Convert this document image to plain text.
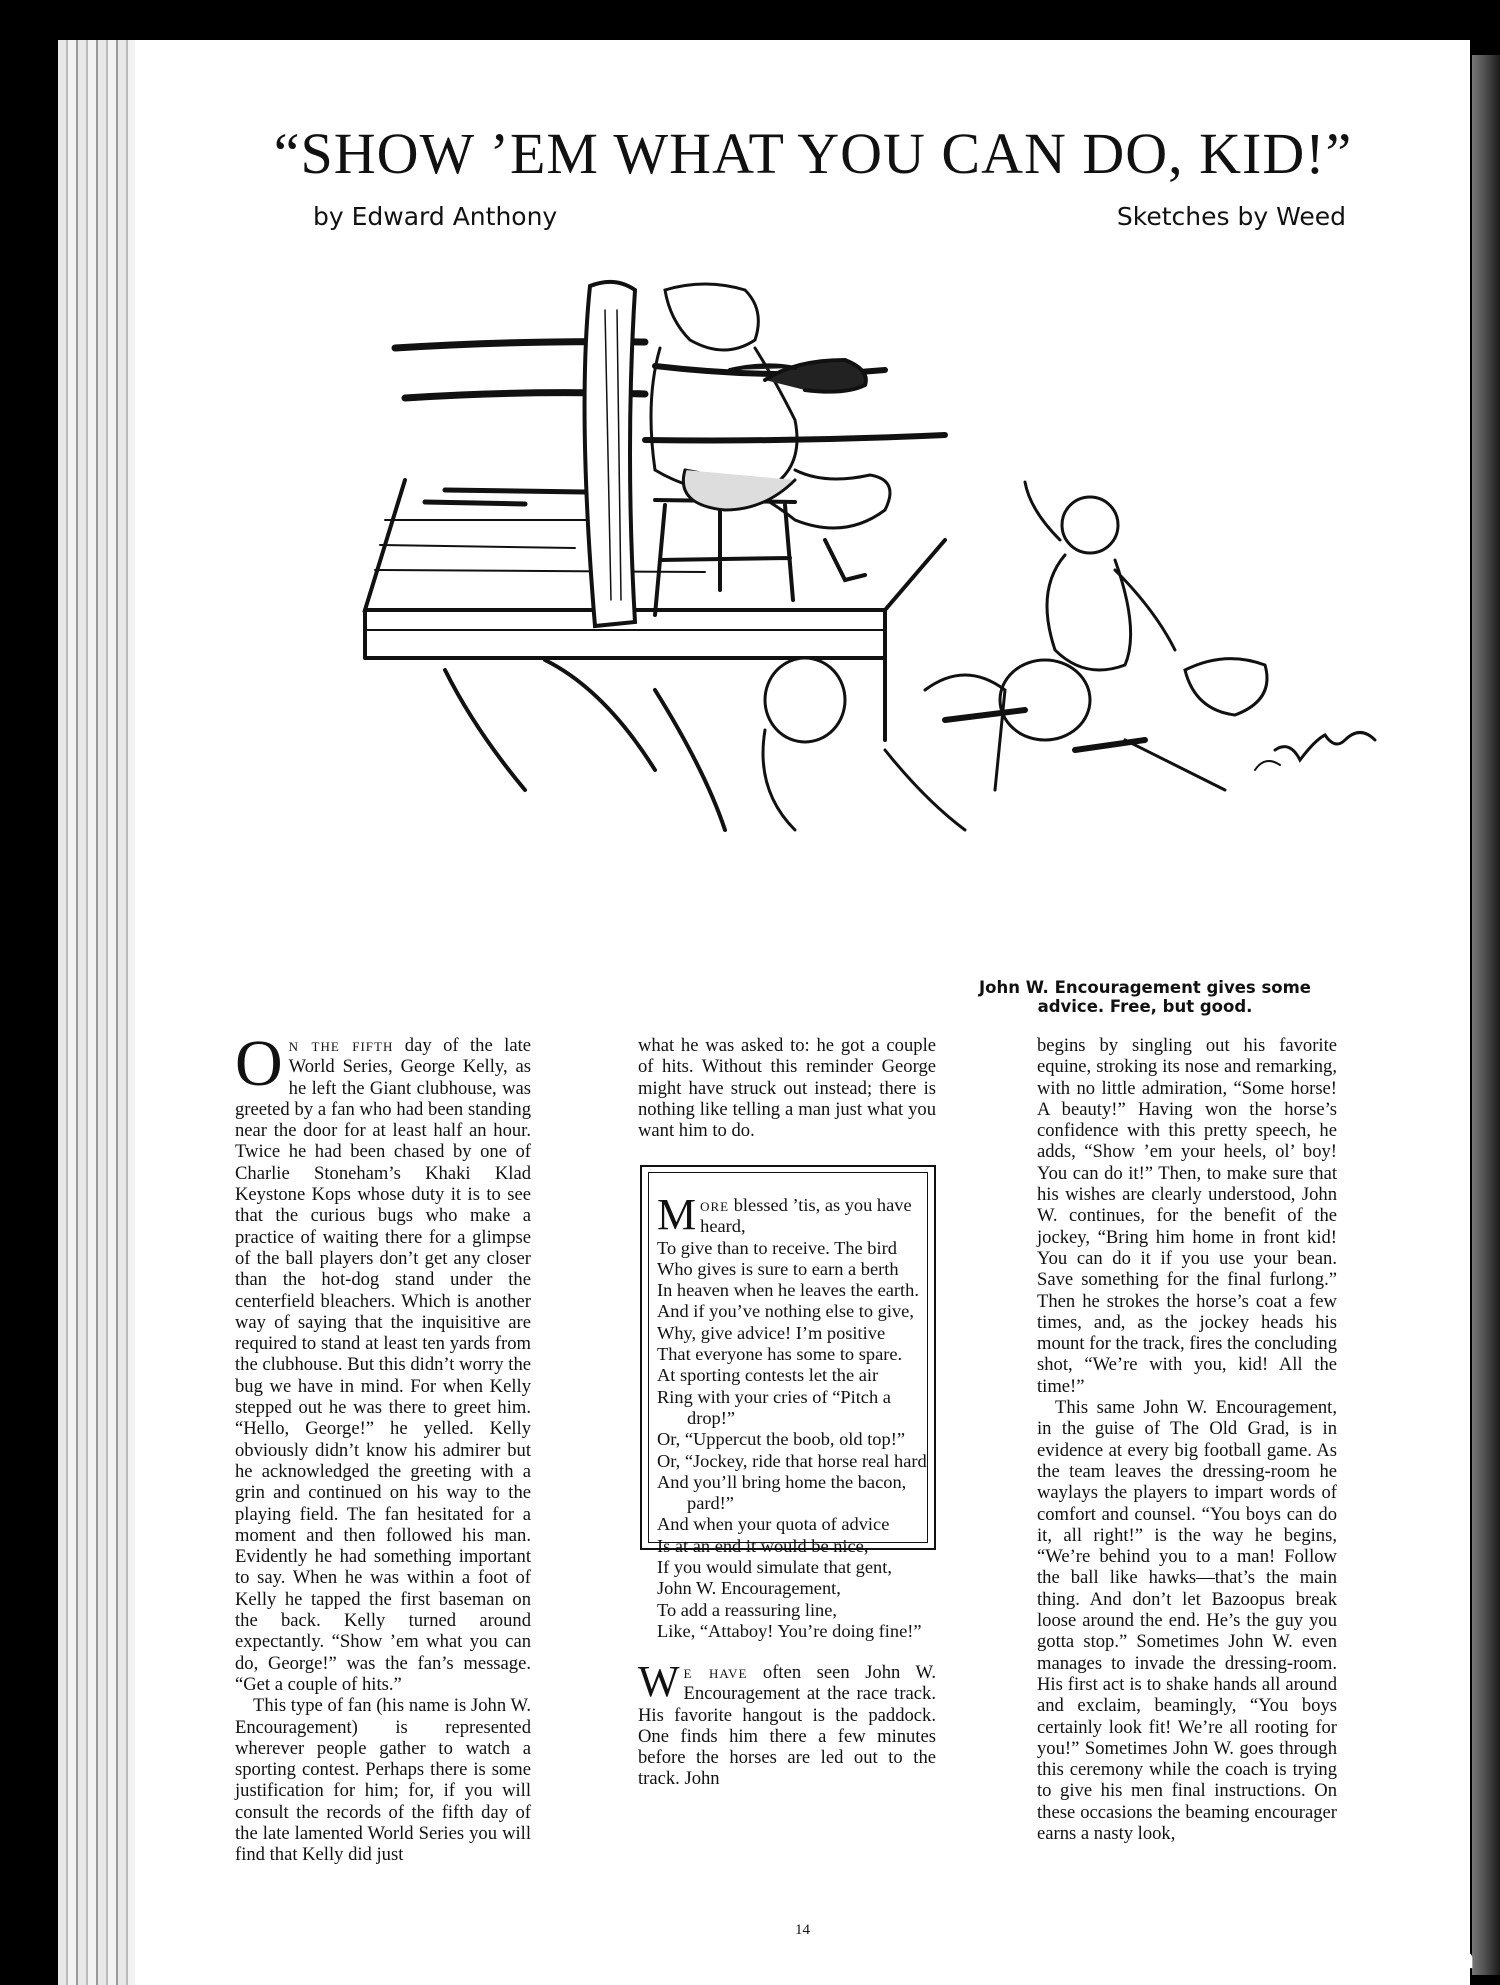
“SHOW ’EM WHAT YOU CAN DO, KID!”
by Edward Anthony	Sketches by Weed
John W. Encouragement gives some
advice. Free, but good.

On the fifth day of the late World Series, George Kelly, as he left the Giant clubhouse, was greeted by a fan who had been standing near the door for at least half an hour. Twice he had been chased by one of Charlie Stoneham’s Khaki Klad Keystone Kops whose duty it is to see that the curious bugs who make a practice of waiting there for a glimpse of the ball players don’t get any closer than the hot-dog stand under the centerfield bleachers. Which is another way of saying that the inquisitive are required to stand at least ten yards from the clubhouse. But this didn’t worry the bug we have in mind. For when Kelly stepped out he was there to greet him. “Hello, George!” he yelled. Kelly obviously didn’t know his admirer but he acknowledged the greeting with a grin and continued on his way to the playing field. The fan hesitated for a moment and then followed his man. Evidently he had something important to say. When he was within a foot of Kelly he tapped the first baseman on the back. Kelly turned around expectantly. “Show ’em what you can do, George!” was the fan’s message. “Get a couple of hits.”

This type of fan (his name is John W. Encouragement) is represented wherever people gather to watch a sporting contest. Perhaps there is some justification for him; for, if you will consult the records of the fifth day of the late lamented World Series you will find that Kelly did just

what he was asked to: he got a couple of hits. Without this reminder George might have struck out instead; there is nothing like telling a man just what you want him to do.

More blessed ’tis, as you have heard,
To give than to receive. The bird
Who gives is sure to earn a berth
In heaven when he leaves the earth.
And if you’ve nothing else to give,
Why, give advice! I’m positive
That everyone has some to spare.
At sporting contests let the air
Ring with your cries of “Pitch a
drop!”
Or, “Uppercut the boob, old top!”
Or, “Jockey, ride that horse real hard
And you’ll bring home the bacon,
pard!”
And when your quota of advice
Is at an end it would be nice,
If you would simulate that gent,
John W. Encouragement,
To add a reassuring line,
Like, “Attaboy! You’re doing fine!”

We have often seen John W. Encouragement at the race track. His favorite hangout is the paddock. One finds him there a few minutes before the horses are led out to the track. John

begins by singling out his favorite equine, stroking its nose and remarking, with no little admiration, “Some horse! A beauty!” Having won the horse’s confidence with this pretty speech, he adds, “Show ’em your heels, ol’ boy! You can do it!” Then, to make sure that his wishes are clearly understood, John W. continues, for the benefit of the jockey, “Bring him home in front kid! You can do it if you use your bean. Save something for the final furlong.” Then he strokes the horse’s coat a few times, and, as the jockey heads his mount for the track, fires the concluding shot, “We’re with you, kid! All the time!”

This same John W. Encouragement, in the guise of The Old Grad, is in evidence at every big football game. As the team leaves the dressing-room he waylays the players to impart words of comfort and counsel. “You boys can do it, all right!” is the way he begins, “We’re behind you to a man! Follow the ball like hawks—that’s the main thing. And don’t let Bazoopus break loose around the end. He’s the guy you gotta stop.” Sometimes John W. even manages to invade the dressing-room. His first act is to shake hands all around and exclaim, beamingly, “You boys certainly look fit! We’re all rooting for you!” Sometimes John W. goes through this ceremony while the coach is trying to give his men final instructions. On these occasions the beaming encourager earns a nasty look,

14
comicbooks.com
